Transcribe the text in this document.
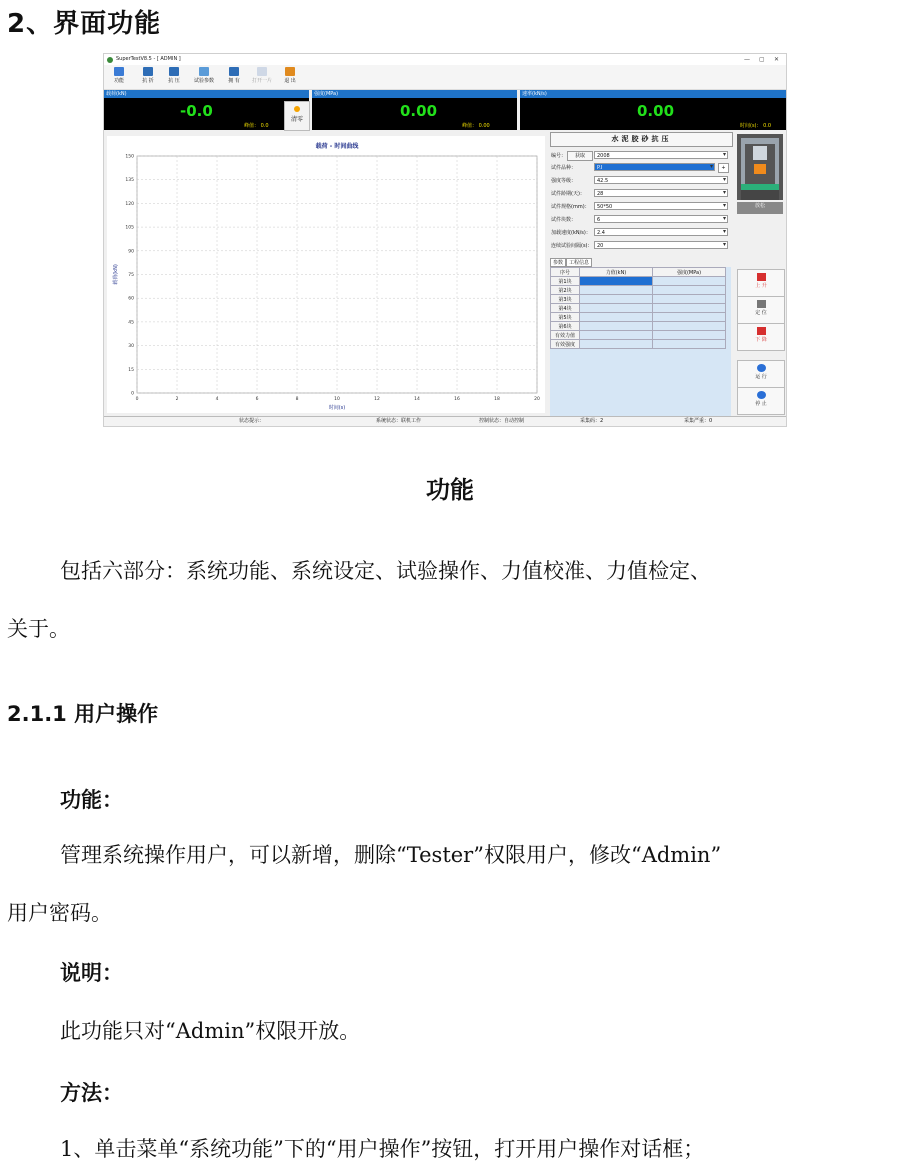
2、界面功能
SuperTestV8.5 - [ ADMIN ]	— ▢ ✕
功能	抗 折	抗 压	试验参数	拥 有	打开一片	退 出
载荷(kN)
-0.0
峰值： 0.0
清零
强度(MPa)
0.00
峰值： 0.00
速率(kN/s)
0.00
时间(s)： 0.0
载荷 - 时间曲线
0	2	4	6	8	10	12	14	16	18	20
0
15
30
45
60
75
90
105
120
135
150
时间(s)
载荷(kN)
水泥胶砂抗压
编号：	获取	2008 ▾
试件品种：	P.I ▾	+
强度等级：	42.5 ▾
试件龄期(天)：	28 ▾
试件规格(mm)：	50*50 ▾
试件块数：	6 ▾
加载速度(kN/s)：	2.4 ▾
连续试验间隔(s)： 20 ▾
参数 工程信息
序号	力值(kN)	强度(MPa)
第1块		
第2块		
第3块		
第4块		
第5块		
第6块		
有效力值		
有效强度		
放松
上 升
定 位
下 降
运 行
停 止
状态提示：	系统状态：联机工作	控制状态：自动控制	采集码：2	采集严重：0
功能
包括六部分：系统功能、系统设定、试验操作、力值校准、力值检定、
关于。
2.1.1 用户操作
功能：
管理系统操作用户，可以新增，删除“Tester”权限用户，修改“Admin”
用户密码。
说明：
此功能只对“Admin”权限开放。
方法：
1、单击菜单“系统功能”下的“用户操作”按钮，打开用户操作对话框；
